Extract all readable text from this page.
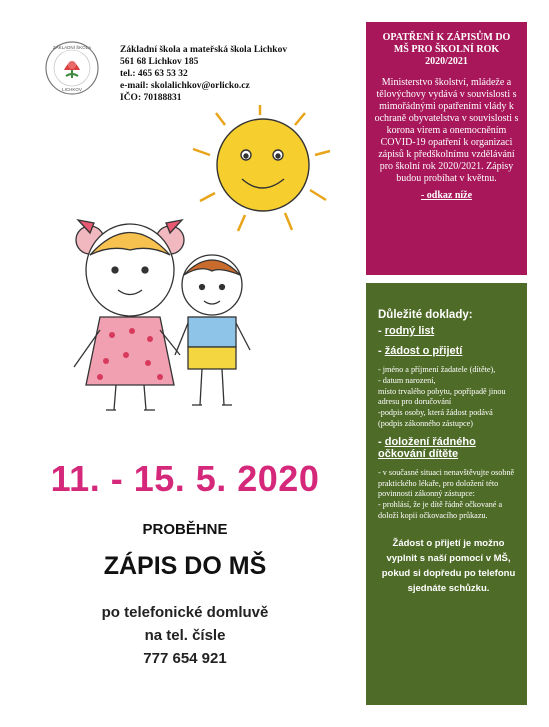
ZÁKLADNÍ ŠKOLA
LICHKOV
Základní škola a mateřská škola Lichkov
561 68 Lichkov 185
tel.: 465 63 53 32
e-mail: skolalichkov@orlicko.cz
IČO: 70188831
11. - 15. 5. 2020
PROBĚHNE
ZÁPIS DO MŠ
po telefonické domluvě
na tel. čísle
777 654 921
OPATŘENÍ K ZÁPISŮM DO MŠ PRO ŠKOLNÍ ROK 2020/2021
Ministerstvo školství, mládeže a tělovýchovy vydává v souvislosti s mimořádnými opatřeními vlády k ochraně obyvatelstva v souvislosti s korona virem a onemocněním COVID-19 opatření k organizaci zápisů k předškolnímu vzdělávání pro školní rok 2020/2021. Zápisy budou probíhat v květnu.
- odkaz níže
Důležité doklady:
- rodný list
- žádost o přijetí
- jméno a příjmení žadatele (dítěte),
- datum narození,
místo trvalého pobytu, popřípadě jinou adresu pro doručování
-podpis osoby, která žádost podává (podpis zákonného zástupce)
- doložení řádného očkování dítěte
- v současné situaci nenavštěvujte osobně praktického lékaře, pro doložení této povinnosti zákonný zástupce:
- prohlásí, že je dítě řádně očkované a doloží kopii očkovacího průkazu.
Žádost o přijetí je možno vyplnit s naší pomocí v MŠ, pokud si dopředu po telefonu sjednáte schůzku.
